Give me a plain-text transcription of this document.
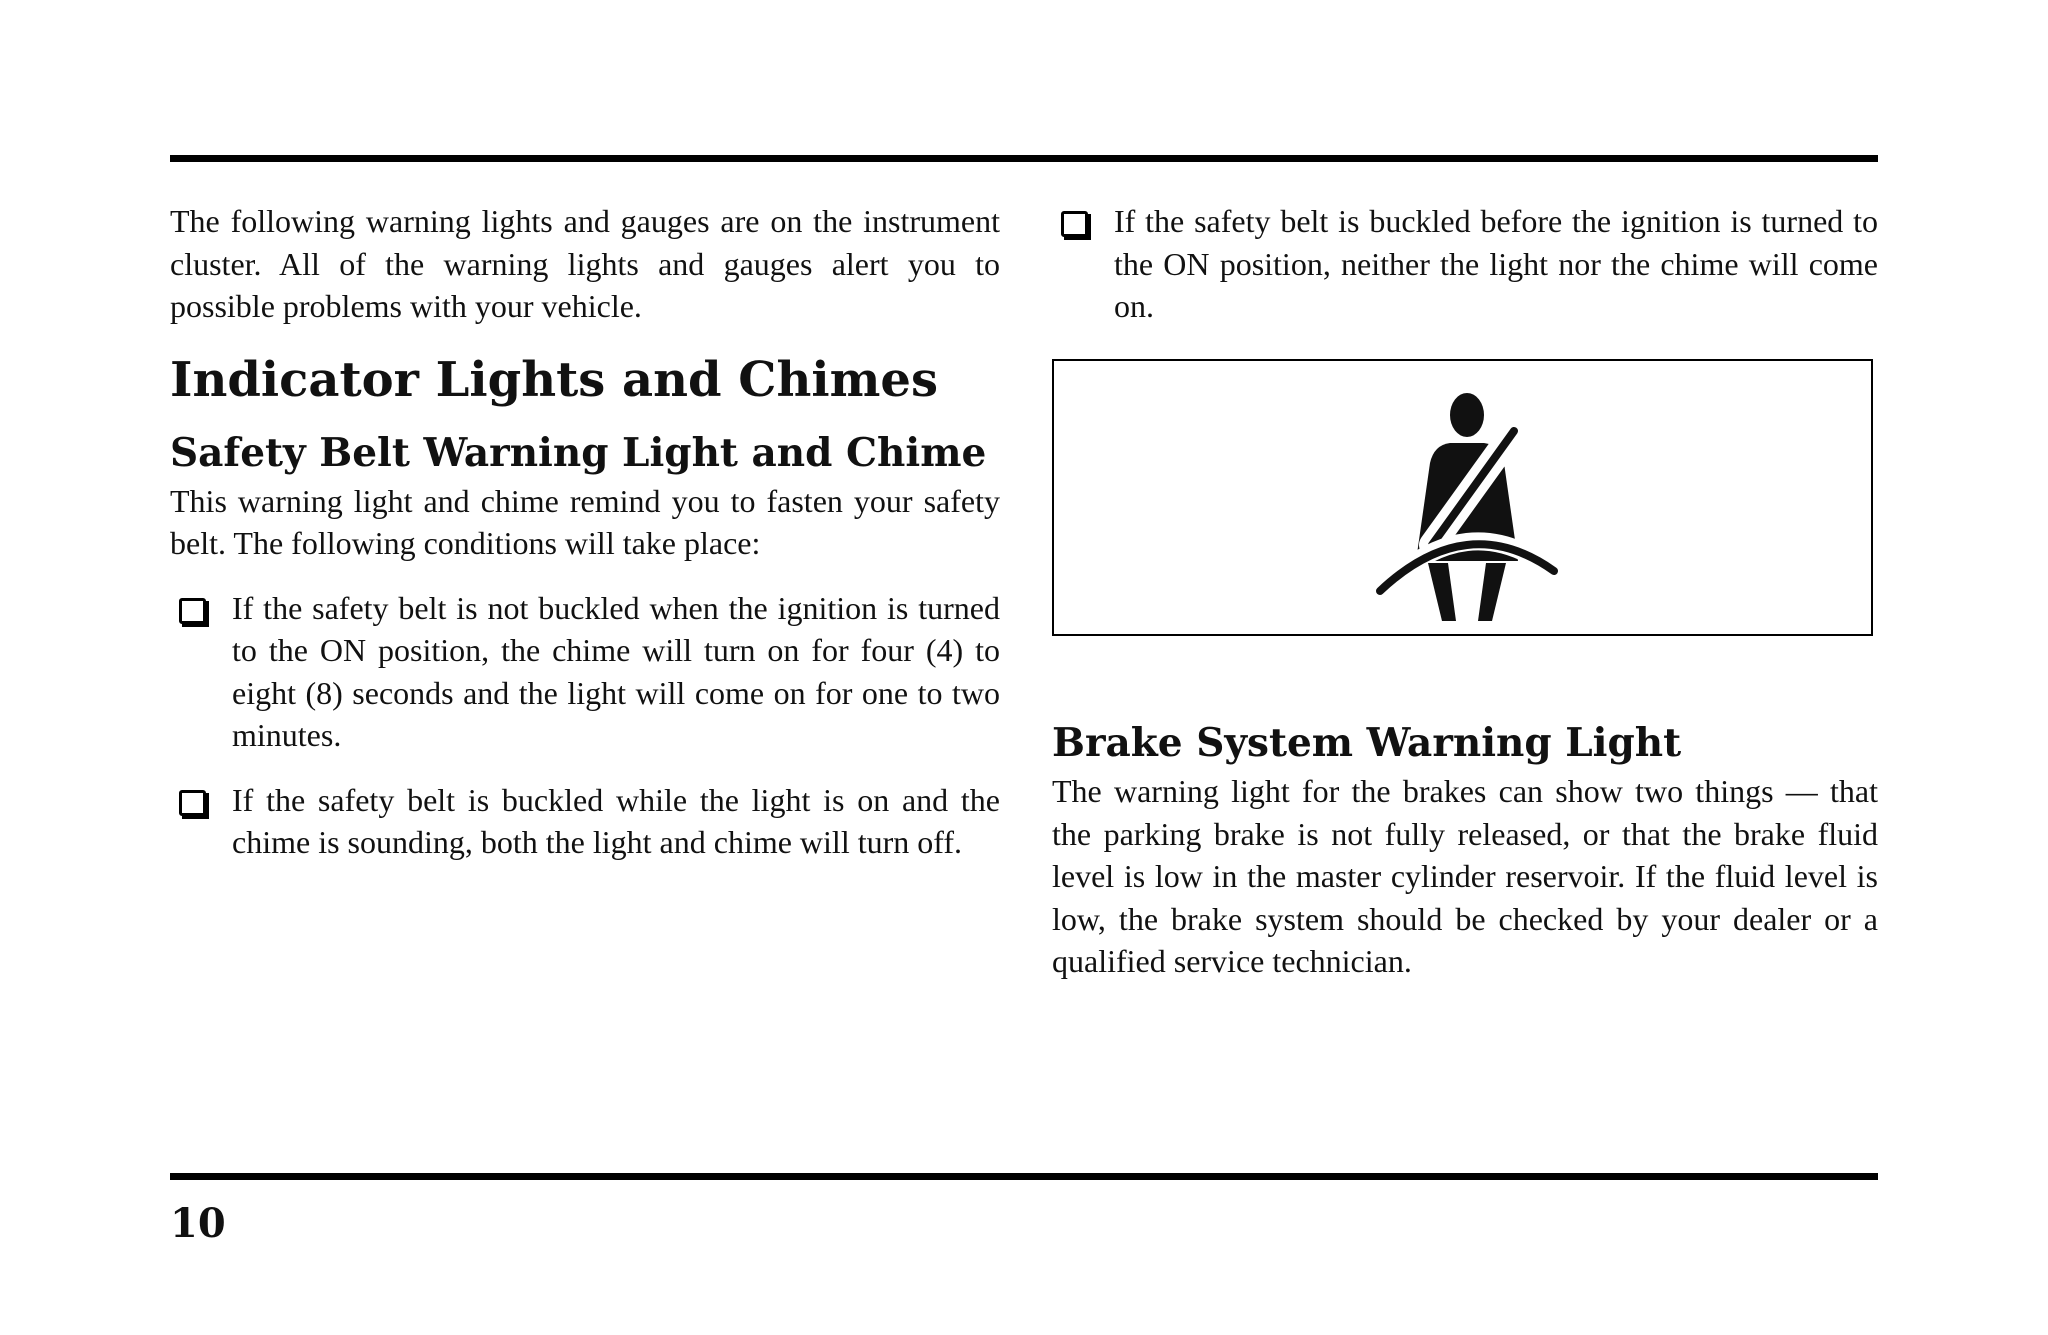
The following warning lights and gauges are on the instrument cluster. All of the warning lights and gauges alert you to possible problems with your vehicle.

Indicator Lights and Chimes
Safety Belt Warning Light and Chime

This warning light and chime remind you to fasten your safety belt. The following conditions will take place:

If the safety belt is not buckled when the ignition is turned to the ON position, the chime will turn on for four (4) to eight (8) seconds and the light will come on for one to two minutes.

If the safety belt is buckled while the light is on and the chime is sounding, both the light and chime will turn off.

If the safety belt is buckled before the ignition is turned to the ON position, neither the light nor the chime will come on.

Brake System Warning Light

The warning light for the brakes can show two things — that the parking brake is not fully released, or that the brake fluid level is low in the master cylinder reservoir. If the fluid level is low, the brake system should be checked by your dealer or a qualified service technician.

10
